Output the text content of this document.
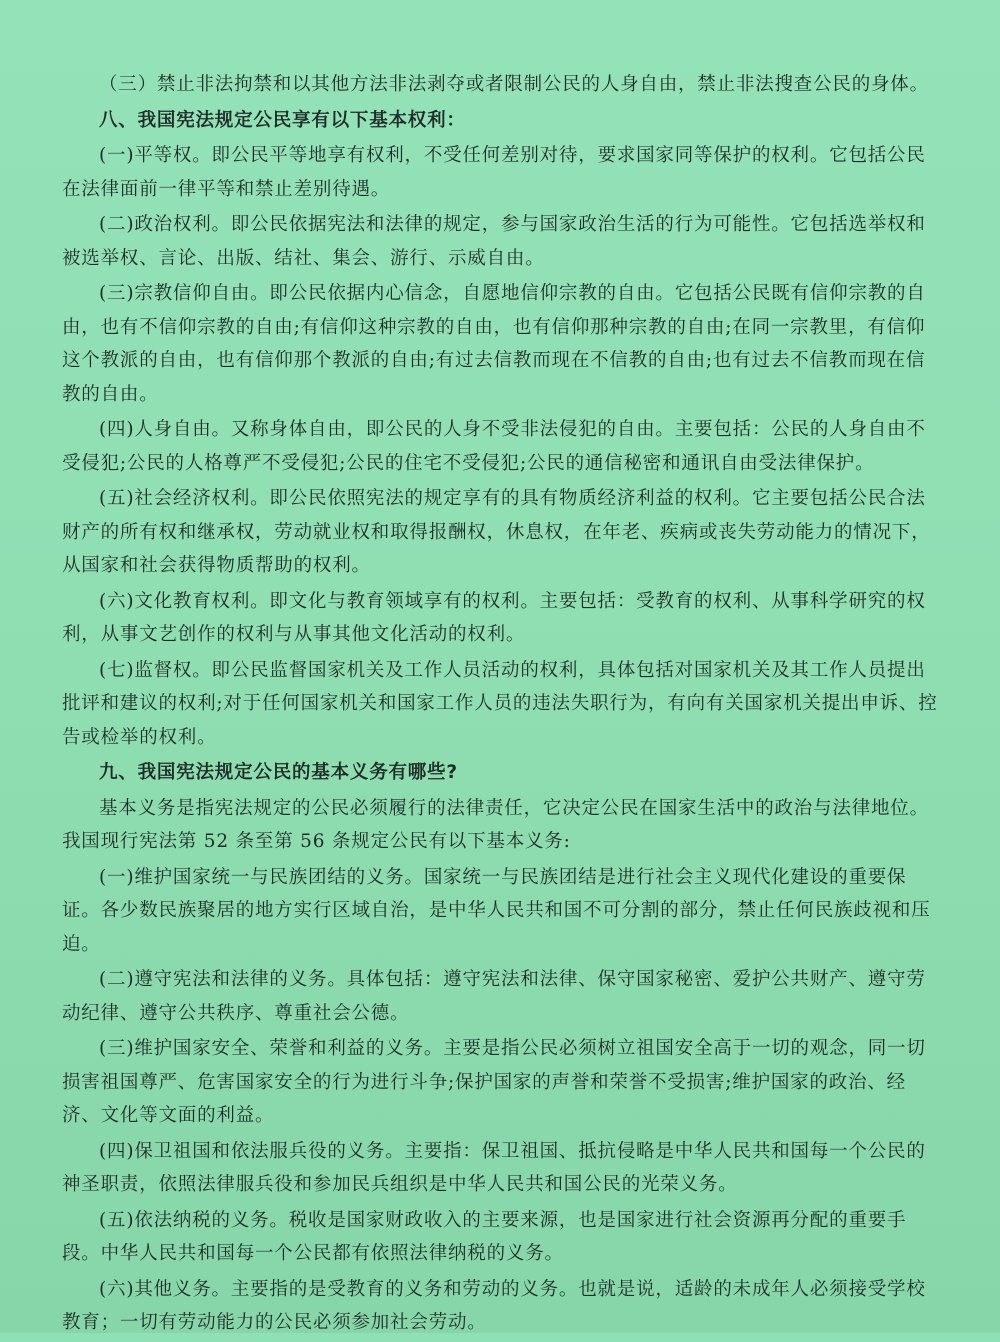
（三）禁止非法拘禁和以其他方法非法剥夺或者限制公民的人身自由，禁止非法搜查公民的身体。

八、我国宪法规定公民享有以下基本权利：

(一)平等权。即公民平等地享有权利，不受任何差别对待，要求国家同等保护的权利。它包括公民在法律面前一律平等和禁止差别待遇。

(二)政治权利。即公民依据宪法和法律的规定，参与国家政治生活的行为可能性。它包括选举权和被选举权、言论、出版、结社、集会、游行、示威自由。

(三)宗教信仰自由。即公民依据内心信念，自愿地信仰宗教的自由。它包括公民既有信仰宗教的自由，也有不信仰宗教的自由;有信仰这种宗教的自由，也有信仰那种宗教的自由;在同一宗教里，有信仰这个教派的自由，也有信仰那个教派的自由;有过去信教而现在不信教的自由;也有过去不信教而现在信教的自由。

(四)人身自由。又称身体自由，即公民的人身不受非法侵犯的自由。主要包括：公民的人身自由不受侵犯;公民的人格尊严不受侵犯;公民的住宅不受侵犯;公民的通信秘密和通讯自由受法律保护。

(五)社会经济权利。即公民依照宪法的规定享有的具有物质经济利益的权利。它主要包括公民合法财产的所有权和继承权，劳动就业权和取得报酬权，休息权，在年老、疾病或丧失劳动能力的情况下，从国家和社会获得物质帮助的权利。

(六)文化教育权利。即文化与教育领域享有的权利。主要包括：受教育的权利、从事科学研究的权利，从事文艺创作的权利与从事其他文化活动的权利。

(七)监督权。即公民监督国家机关及工作人员活动的权利，具体包括对国家机关及其工作人员提出批评和建议的权利;对于任何国家机关和国家工作人员的违法失职行为，有向有关国家机关提出申诉、控告或检举的权利。

九、我国宪法规定公民的基本义务有哪些?

基本义务是指宪法规定的公民必须履行的法律责任，它决定公民在国家生活中的政治与法律地位。我国现行宪法第 52 条至第 56 条规定公民有以下基本义务:

(一)维护国家统一与民族团结的义务。国家统一与民族团结是进行社会主义现代化建设的重要保证。各少数民族聚居的地方实行区域自治，是中华人民共和国不可分割的部分，禁止任何民族歧视和压迫。

(二)遵守宪法和法律的义务。具体包括：遵守宪法和法律、保守国家秘密、爱护公共财产、遵守劳动纪律、遵守公共秩序、尊重社会公德。

(三)维护国家安全、荣誉和利益的义务。主要是指公民必须树立祖国安全高于一切的观念，同一切损害祖国尊严、危害国家安全的行为进行斗争;保护国家的声誉和荣誉不受损害;维护国家的政治、经济、文化等文面的利益。

(四)保卫祖国和依法服兵役的义务。主要指：保卫祖国、抵抗侵略是中华人民共和国每一个公民的神圣职责，依照法律服兵役和参加民兵组织是中华人民共和国公民的光荣义务。

(五)依法纳税的义务。税收是国家财政收入的主要来源，也是国家进行社会资源再分配的重要手段。中华人民共和国每一个公民都有依照法律纳税的义务。

(六)其他义务。主要指的是受教育的义务和劳动的义务。也就是说，适龄的未成年人必须接受学校教育；一切有劳动能力的公民必须参加社会劳动。
